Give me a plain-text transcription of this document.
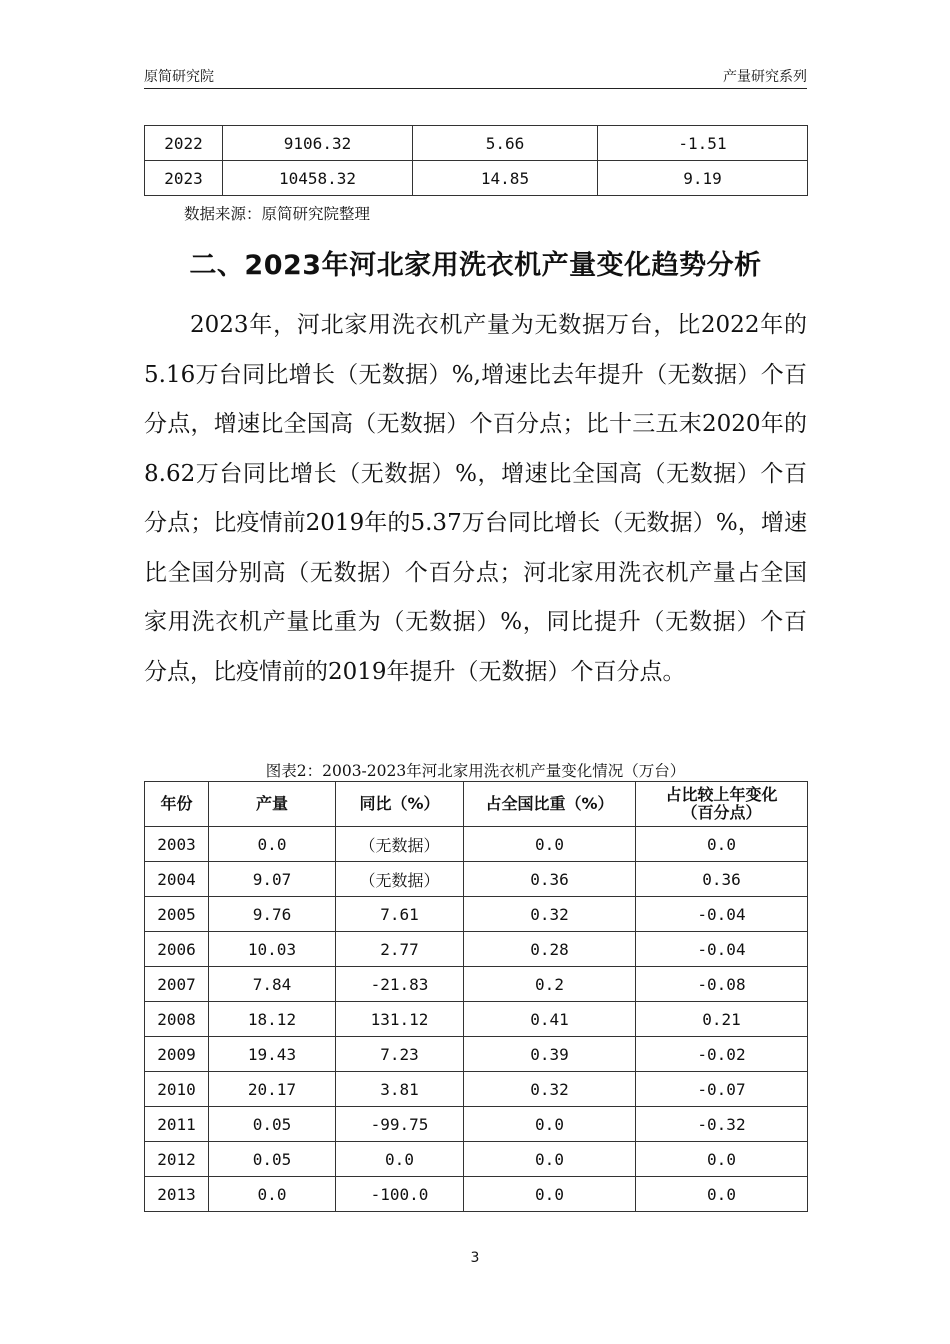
原简研究院	产量研究系列
2022	9106.32	5.66	-1.51
2023	10458.32	14.85	9.19
数据来源：原简研究院整理
二、2023年河北家用洗衣机产量变化趋势分析
2023年，河北家用洗衣机产量为无数据万台，比2022年的5.16万台同比增长（无数据）%,增速比去年提升（无数据）个百分点，增速比全国高（无数据）个百分点；比十三五末2020年的8.62万台同比增长（无数据）%，增速比全国高（无数据）个百分点；比疫情前2019年的5.37万台同比增长（无数据）%，增速比全国分别高（无数据）个百分点；河北家用洗衣机产量占全国家用洗衣机产量比重为（无数据）%，同比提升（无数据）个百分点，比疫情前的2019年提升（无数据）个百分点。
图表2：2003-2023年河北家用洗衣机产量变化情况（万台）
年份	产量	同比（%）	占全国比重（%）	占比较上年变化（百分点）
2003	0.0	（无数据）	0.0	0.0
2004	9.07	（无数据）	0.36	0.36
2005	9.76	7.61	0.32	-0.04
2006	10.03	2.77	0.28	-0.04
2007	7.84	-21.83	0.2	-0.08
2008	18.12	131.12	0.41	0.21
2009	19.43	7.23	0.39	-0.02
2010	20.17	3.81	0.32	-0.07
2011	0.05	-99.75	0.0	-0.32
2012	0.05	0.0	0.0	0.0
2013	0.0	-100.0	0.0	0.0
3
